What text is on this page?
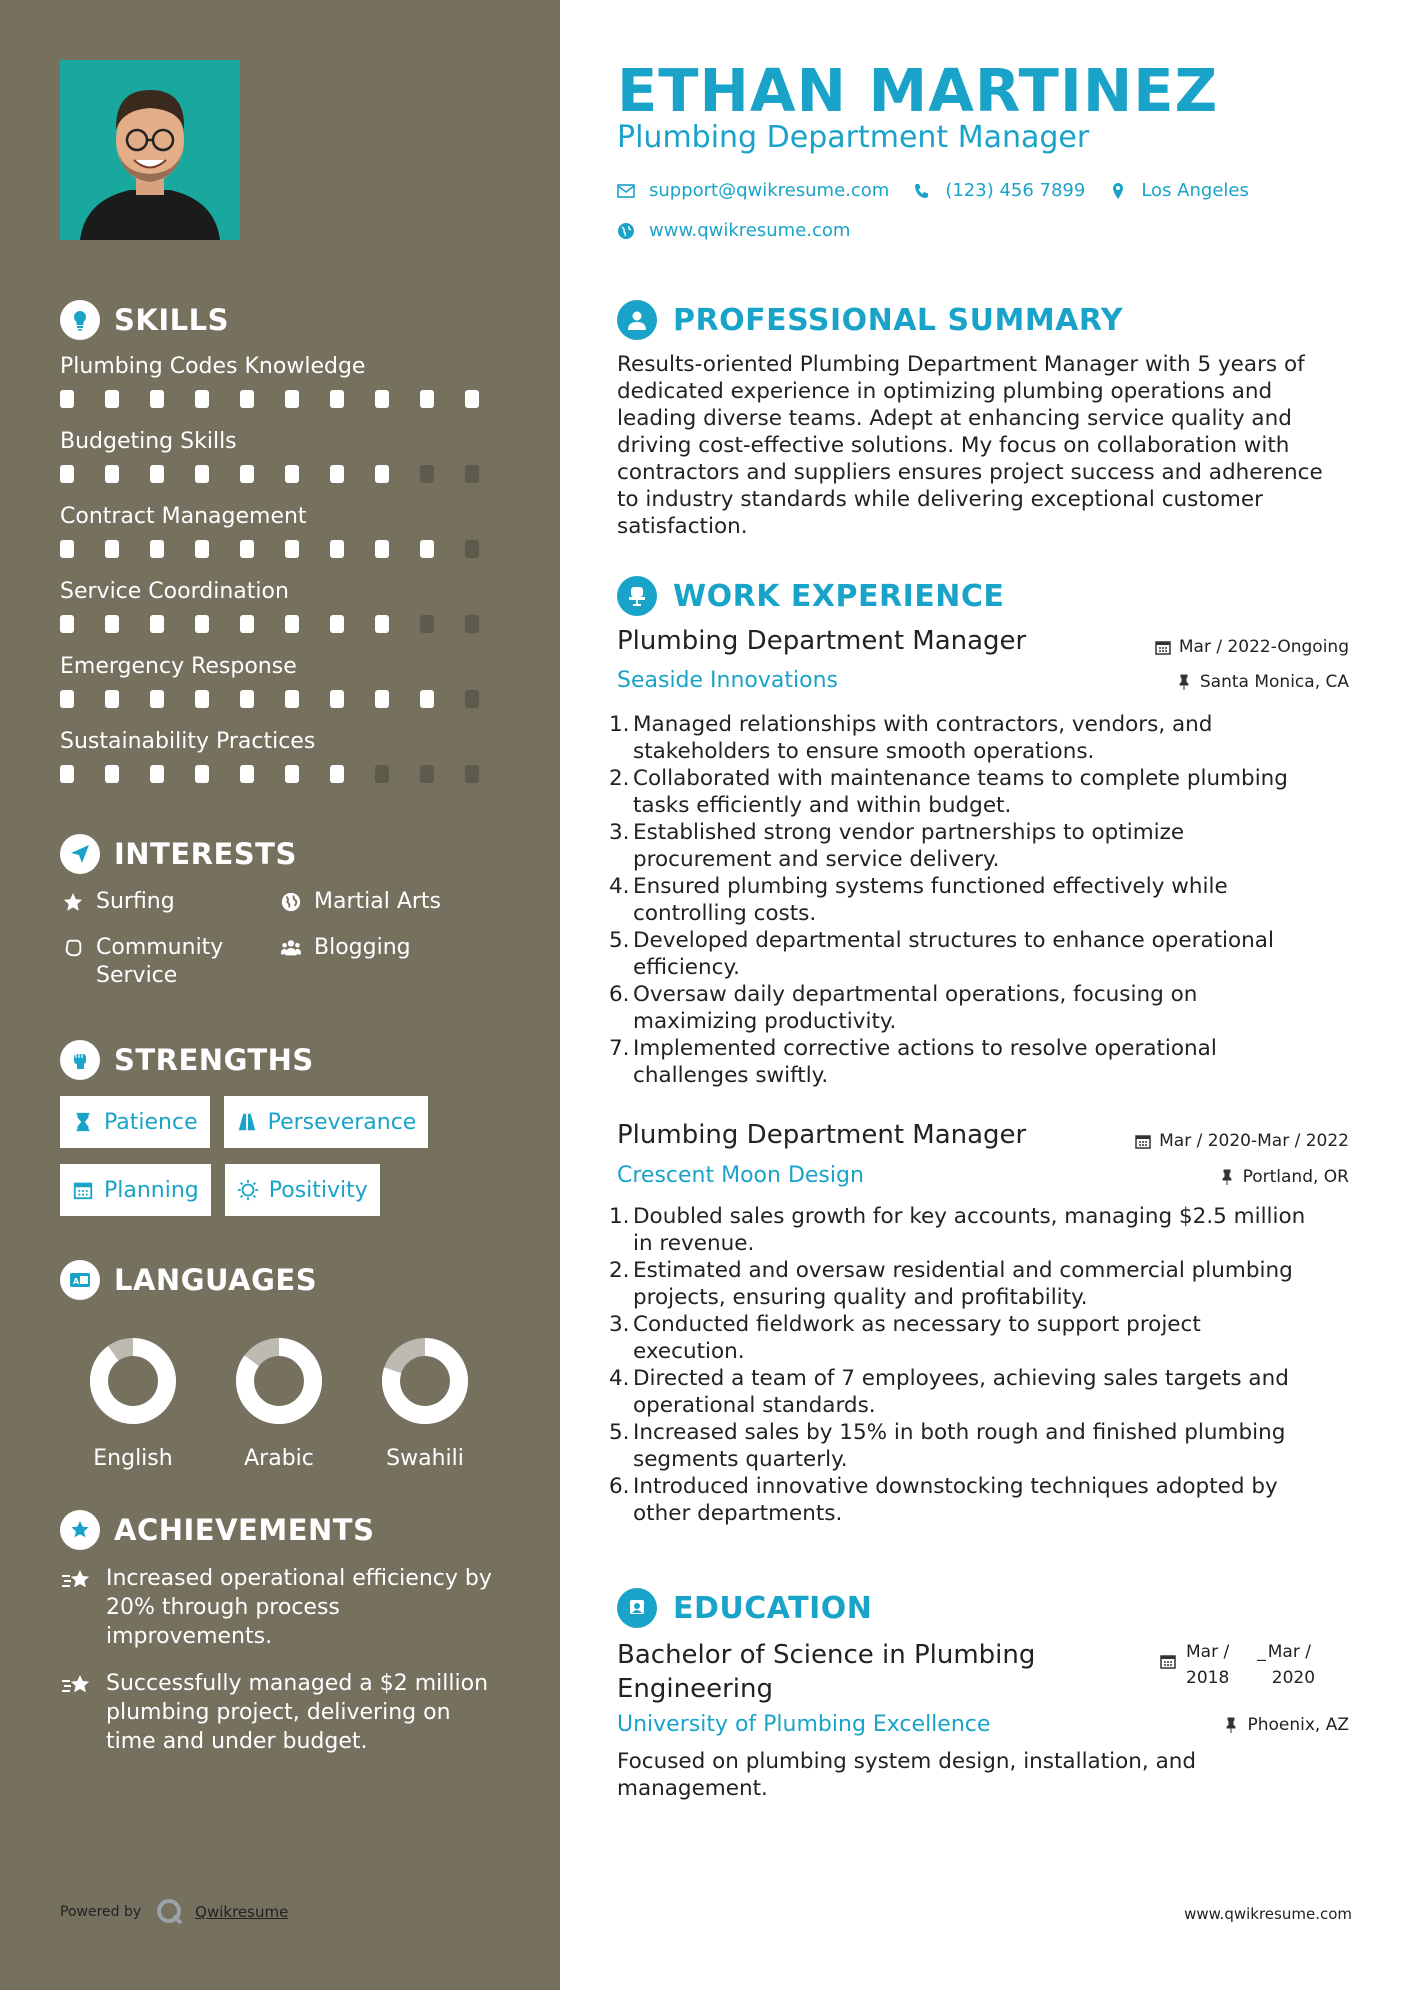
SKILLS
Plumbing Codes Knowledge
Budgeting Skills
Contract Management
Service Coordination
Emergency Response
Sustainability Practices
INTERESTS
Surfing	Martial Arts
Community Service
Blogging
STRENGTHS
Patience	Perseverance
Planning	Positivity
A LANGUAGES
English	Arabic	Swahili
ACHIEVEMENTS
Increased operational efficiency by 20% through process improvements.
Successfully managed a $2 million plumbing project, delivering on time and under budget.
Powered by	Qwikresume
ETHAN MARTINEZ
Plumbing Department Manager
support@qwikresume.com	(123) 456 7899	Los Angeles
www.qwikresume.com
PROFESSIONAL SUMMARY
Results-oriented Plumbing Department Manager with 5 years of dedicated experience in optimizing plumbing operations and leading diverse teams. Adept at enhancing service quality and driving cost-effective solutions. My focus on collaboration with contractors and suppliers ensures project success and adherence to industry standards while delivering exceptional customer satisfaction.
WORK EXPERIENCE
Plumbing Department Manager	Mar / 2022-Ongoing
Seaside Innovations	Santa Monica, CA
1. Managed relationships with contractors, vendors, and
stakeholders to ensure smooth operations.
2. Collaborated with maintenance teams to complete plumbing
tasks efficiently and within budget.
3. Established strong vendor partnerships to optimize
procurement and service delivery.
4. Ensured plumbing systems functioned effectively while
controlling costs.
5. Developed departmental structures to enhance operational
efficiency.
6. Oversaw daily departmental operations, focusing on
maximizing productivity.
7. Implemented corrective actions to resolve operational
challenges swiftly.
Plumbing Department Manager	Mar / 2020-Mar / 2022
Crescent Moon Design	Portland, OR
1. Doubled sales growth for key accounts, managing $2.5 million
in revenue.
2. Estimated and oversaw residential and commercial plumbing
projects, ensuring quality and profitability.
3. Conducted fieldwork as necessary to support project
execution.
4. Directed a team of 7 employees, achieving sales targets and
operational standards.
5. Increased sales by 15% in both rough and finished plumbing
segments quarterly.
6. Introduced innovative downstocking techniques adopted by
other departments.
EDUCATION
Bachelor of Science in Plumbing
Engineering
Mar /
2018
_ Mar /
2020
University of Plumbing Excellence	Phoenix, AZ
Focused on plumbing system design, installation, and management.
www.qwikresume.com
